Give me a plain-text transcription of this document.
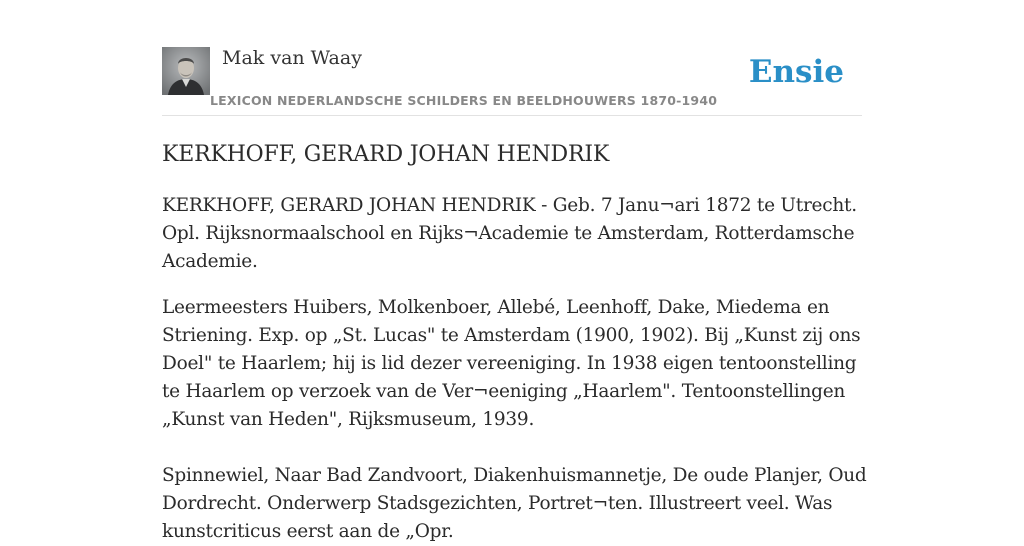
Mak van Waay
LEXICON NEDERLANDSCHE SCHILDERS EN BEELDHOUWERS 1870-1940
Ensie
KERKHOFF, GERARD JOHAN HENDRIK

KERKHOFF, GERARD JOHAN HENDRIK - Geb. 7 Janu¬ari 1872 te Utrecht. Opl. Rijksnormaalschool en Rijks¬Academie te Amsterdam, Rotterdamsche Academie.

Leermeesters Huibers, Molkenboer, Allebé, Leenhoff, Dake, Miedema en Striening. Exp. op „St. Lucas" te Amsterdam (1900, 1902). Bij „Kunst zij ons Doel" te Haarlem; hij is lid dezer vereeniging. In 1938 eigen tentoonstelling te Haarlem op verzoek van de Ver¬eeniging „Haarlem". Tentoonstellingen „Kunst van Heden", Rijksmuseum, 1939.

Spinnewiel, Naar Bad Zandvoort, Diakenhuismannetje, De oude Planjer, Oud Dordrecht. Onderwerp Stadsgezichten, Portret¬ten. Illustreert veel. Was kunstcriticus eerst aan de „Opr.
